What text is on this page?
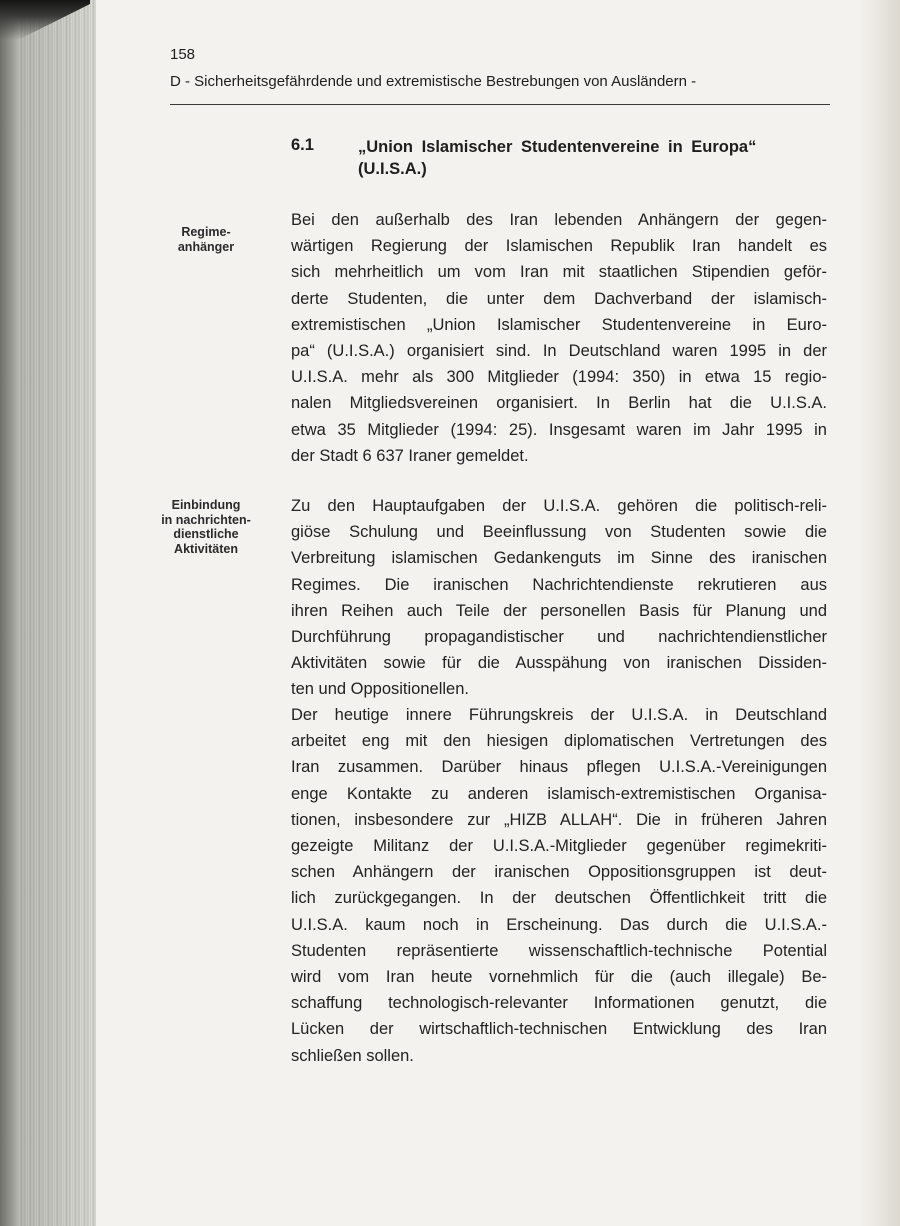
158
D - Sicherheitsgefährdende und extremistische Bestrebungen von Ausländern -
6.1	„Union Islamischer Studentenvereine in Europa“
(U.I.S.A.)
Regime-
anhänger
Einbindung
in nachrichten-
dienstliche
Aktivitäten
Bei den außerhalb des Iran lebenden Anhängern der gegen-
wärtigen Regierung der Islamischen Republik Iran handelt es
sich mehrheitlich um vom Iran mit staatlichen Stipendien geför-
derte Studenten, die unter dem Dachverband der islamisch-
extremistischen „Union Islamischer Studentenvereine in Euro-
pa“ (U.I.S.A.) organisiert sind. In Deutschland waren 1995 in der
U.I.S.A. mehr als 300 Mitglieder (1994: 350) in etwa 15 regio-
nalen Mitgliedsvereinen organisiert. In Berlin hat die U.I.S.A.
etwa 35 Mitglieder (1994: 25). Insgesamt waren im Jahr 1995 in
der Stadt 6 637 Iraner gemeldet.
Zu den Hauptaufgaben der U.I.S.A. gehören die politisch-reli-
giöse Schulung und Beeinflussung von Studenten sowie die
Verbreitung islamischen Gedankenguts im Sinne des iranischen
Regimes. Die iranischen Nachrichtendienste rekrutieren aus
ihren Reihen auch Teile der personellen Basis für Planung und
Durchführung propagandistischer und nachrichtendienstlicher
Aktivitäten sowie für die Ausspähung von iranischen Dissiden-
ten und Oppositionellen.
Der heutige innere Führungskreis der U.I.S.A. in Deutschland
arbeitet eng mit den hiesigen diplomatischen Vertretungen des
Iran zusammen. Darüber hinaus pflegen U.I.S.A.-Vereinigungen
enge Kontakte zu anderen islamisch-extremistischen Organisa-
tionen, insbesondere zur „HIZB ALLAH“. Die in früheren Jahren
gezeigte Militanz der U.I.S.A.-Mitglieder gegenüber regimekriti-
schen Anhängern der iranischen Oppositionsgruppen ist deut-
lich zurückgegangen. In der deutschen Öffentlichkeit tritt die
U.I.S.A. kaum noch in Erscheinung. Das durch die U.I.S.A.-
Studenten repräsentierte wissenschaftlich-technische Potential
wird vom Iran heute vornehmlich für die (auch illegale) Be-
schaffung technologisch-relevanter Informationen genutzt, die
Lücken der wirtschaftlich-technischen Entwicklung des Iran
schließen sollen.
